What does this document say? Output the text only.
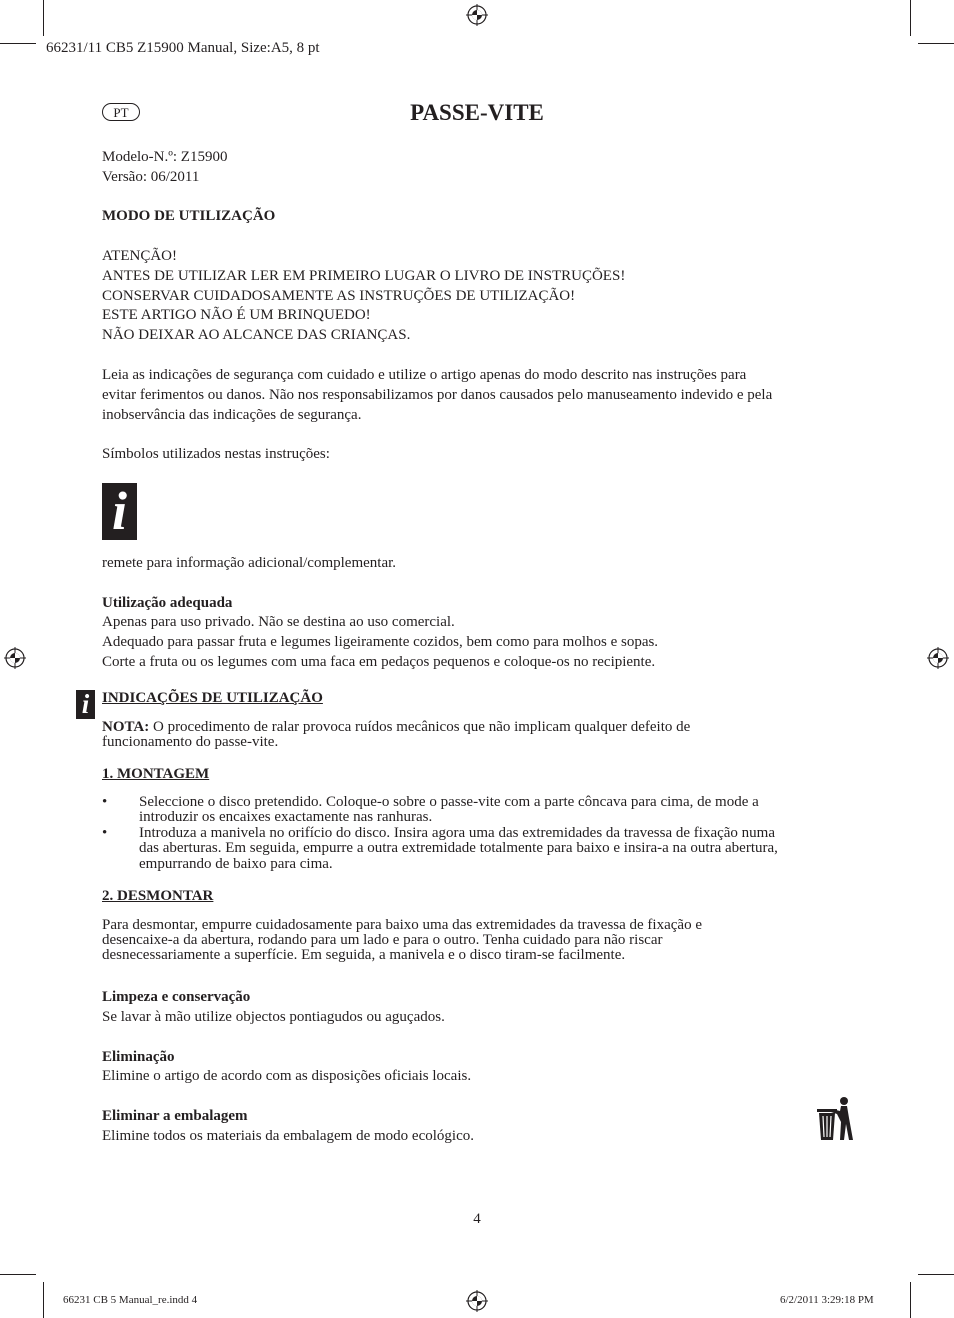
66231/11 CB5 Z15900 Manual, Size:A5, 8 pt
66231 CB 5 Manual_re.indd 4	6/2/2011 3:29:18 PM
PT	PASSE-VITE
Modelo-N.º: Z15900
Versão: 06/2011
MODO DE UTILIZAÇÃO
ATENÇÃO!
ANTES DE UTILIZAR LER EM PRIMEIRO LUGAR O LIVRO DE INSTRUÇÕES!
CONSERVAR CUIDADOSAMENTE AS INSTRUÇÕES DE UTILIZAÇÃO!
ESTE ARTIGO NÃO É UM BRINQUEDO!
NÃO DEIXAR AO ALCANCE DAS CRIANÇAS.
Leia as indicações de segurança com cuidado e utilize o artigo apenas do modo descrito nas instruções para
evitar ferimentos ou danos. Não nos responsabilizamos por danos causados pelo manuseamento indevido e pela
inobservância das indicações de segurança.
Símbolos utilizados nestas instruções:
i
remete para informação adicional/complementar.
Utilização adequada
Apenas para uso privado. Não se destina ao uso comercial.
Adequado para passar fruta e legumes ligeiramente cozidos, bem como para molhos e sopas.
Corte a fruta ou os legumes com uma faca em pedaços pequenos e coloque-os no recipiente.
i INDICAÇÕES DE UTILIZAÇÃO
NOTA: O procedimento de ralar provoca ruídos mecânicos que não implicam qualquer defeito de
funcionamento do passe-vite.
1. MONTAGEM
• Seleccione o disco pretendido. Coloque-o sobre o passe-vite com a parte côncava para cima, de mode a
introduzir os encaixes exactamente nas ranhuras.
• Introduza a manivela no orifício do disco. Insira agora uma das extremidades da travessa de fixação numa
das aberturas. Em seguida, empurre a outra extremidade totalmente para baixo e insira-a na outra abertura,
empurrando de baixo para cima.
2. DESMONTAR
Para desmontar, empurre cuidadosamente para baixo uma das extremidades da travessa de fixação e
desencaixe-a da abertura, rodando para um lado e para o outro. Tenha cuidado para não riscar
desnecessariamente a superfície. Em seguida, a manivela e o disco tiram-se facilmente.
Limpeza e conservação
Se lavar à mão utilize objectos pontiagudos ou aguçados.
Eliminação
Elimine o artigo de acordo com as disposições oficiais locais.
Eliminar a embalagem
Elimine todos os materiais da embalagem de modo ecológico.
4
